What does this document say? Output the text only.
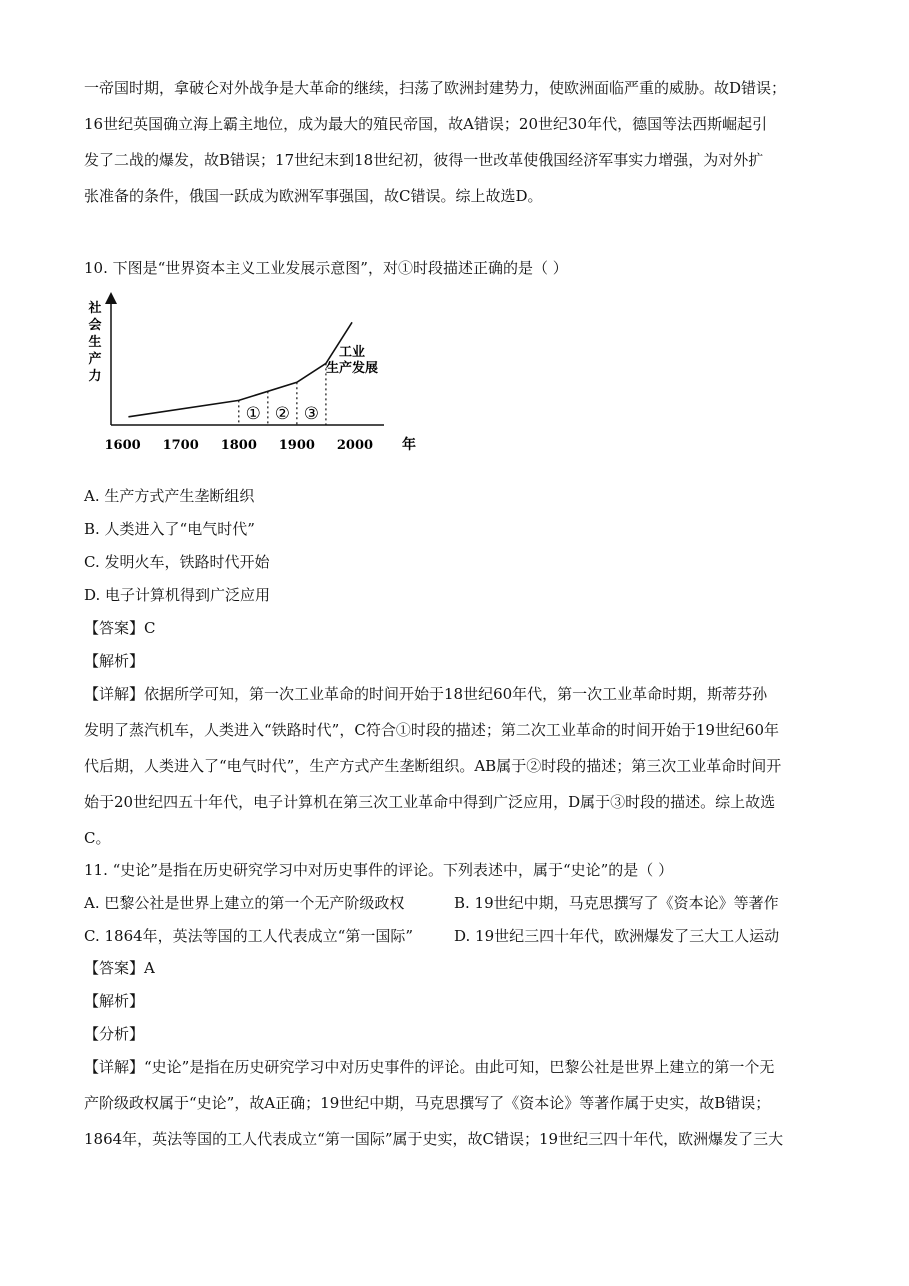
一帝国时期，拿破仑对外战争是大革命的继续，扫荡了欧洲封建势力，使欧洲面临严重的威胁。故D错误；
16世纪英国确立海上霸主地位，成为最大的殖民帝国，故A错误；20世纪30年代，德国等法西斯崛起引
发了二战的爆发，故B错误；17世纪末到18世纪初，彼得一世改革使俄国经济军事实力增强，为对外扩
张准备的条件，俄国一跃成为欧洲军事强国，故C错误。综上故选D。
10. 下图是“世界资本主义工业发展示意图”，对①时段描述正确的是（ ）
社
会
生
产
力
1600 1700 1800 1900 2000 年
① ② ③
工业
生产发展
A. 生产方式产生垄断组织
B. 人类进入了“电气时代”
C. 发明火车，铁路时代开始
D. 电子计算机得到广泛应用
【答案】C
【解析】
【详解】依据所学可知，第一次工业革命的时间开始于18世纪60年代，第一次工业革命时期，斯蒂芬孙
发明了蒸汽机车，人类进入“铁路时代”，C符合①时段的描述；第二次工业革命的时间开始于19世纪60年
代后期，人类进入了“电气时代”，生产方式产生垄断组织。AB属于②时段的描述；第三次工业革命时间开
始于20世纪四五十年代，电子计算机在第三次工业革命中得到广泛应用，D属于③时段的描述。综上故选
C。
11. “史论”是指在历史研究学习中对历史事件的评论。下列表述中，属于“史论”的是（ ）
A. 巴黎公社是世界上建立的第一个无产阶级政权	B. 19世纪中期，马克思撰写了《资本论》等著作
C. 1864年，英法等国的工人代表成立“第一国际”	D. 19世纪三四十年代，欧洲爆发了三大工人运动
【答案】A
【解析】
【分析】
【详解】“史论”是指在历史研究学习中对历史事件的评论。由此可知，巴黎公社是世界上建立的第一个无
产阶级政权属于“史论”，故A正确；19世纪中期，马克思撰写了《资本论》等著作属于史实，故B错误；
1864年，英法等国的工人代表成立“第一国际”属于史实，故C错误；19世纪三四十年代，欧洲爆发了三大
